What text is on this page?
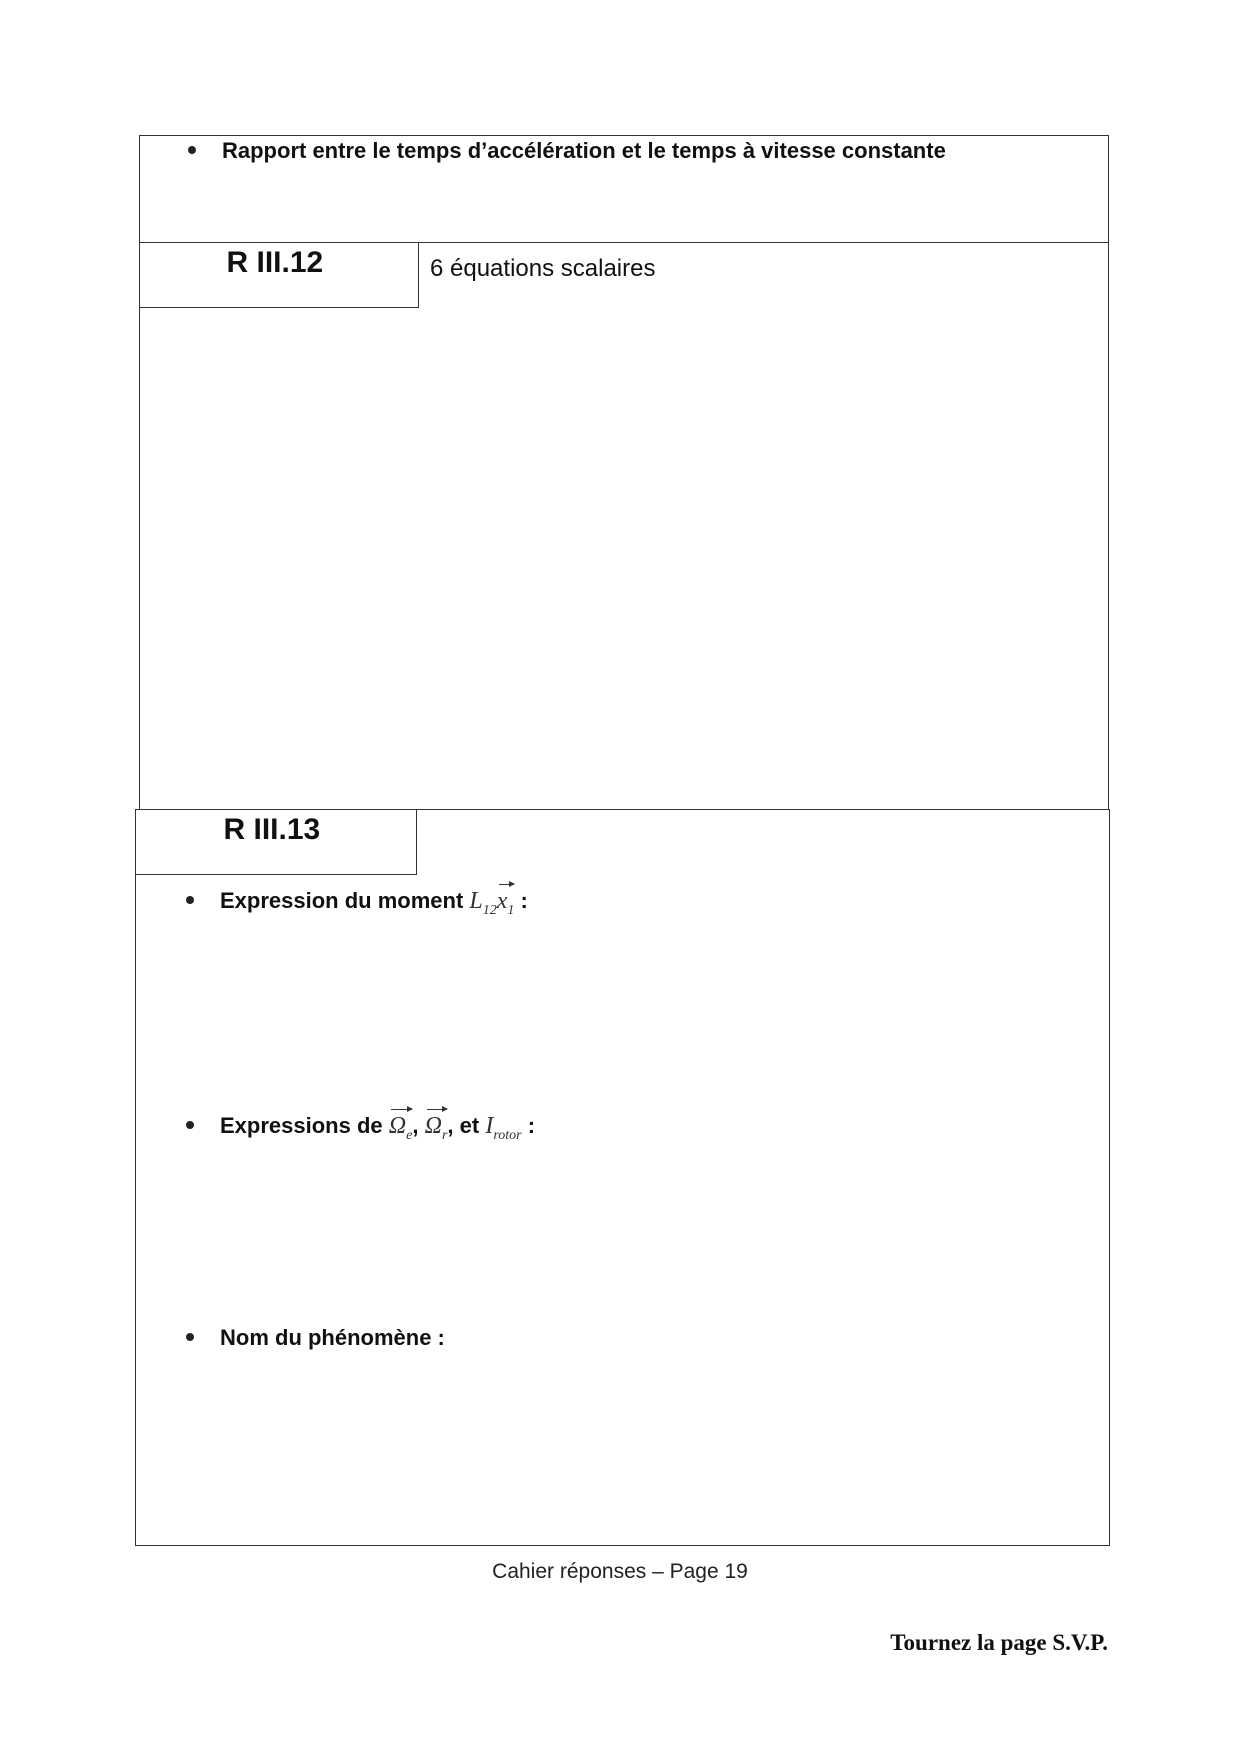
Rapport entre le temps d’accélération et le temps à vitesse constante
R III.12	6 équations scalaires
R III.13
Expression du moment $L_{12}x_1$ :
Expressions de $\Omega_e$, $\Omega_r$, et $I_{rotor}$ :
Nom du phénomène :
Cahier réponses – Page 19
Tournez la page S.V.P.
